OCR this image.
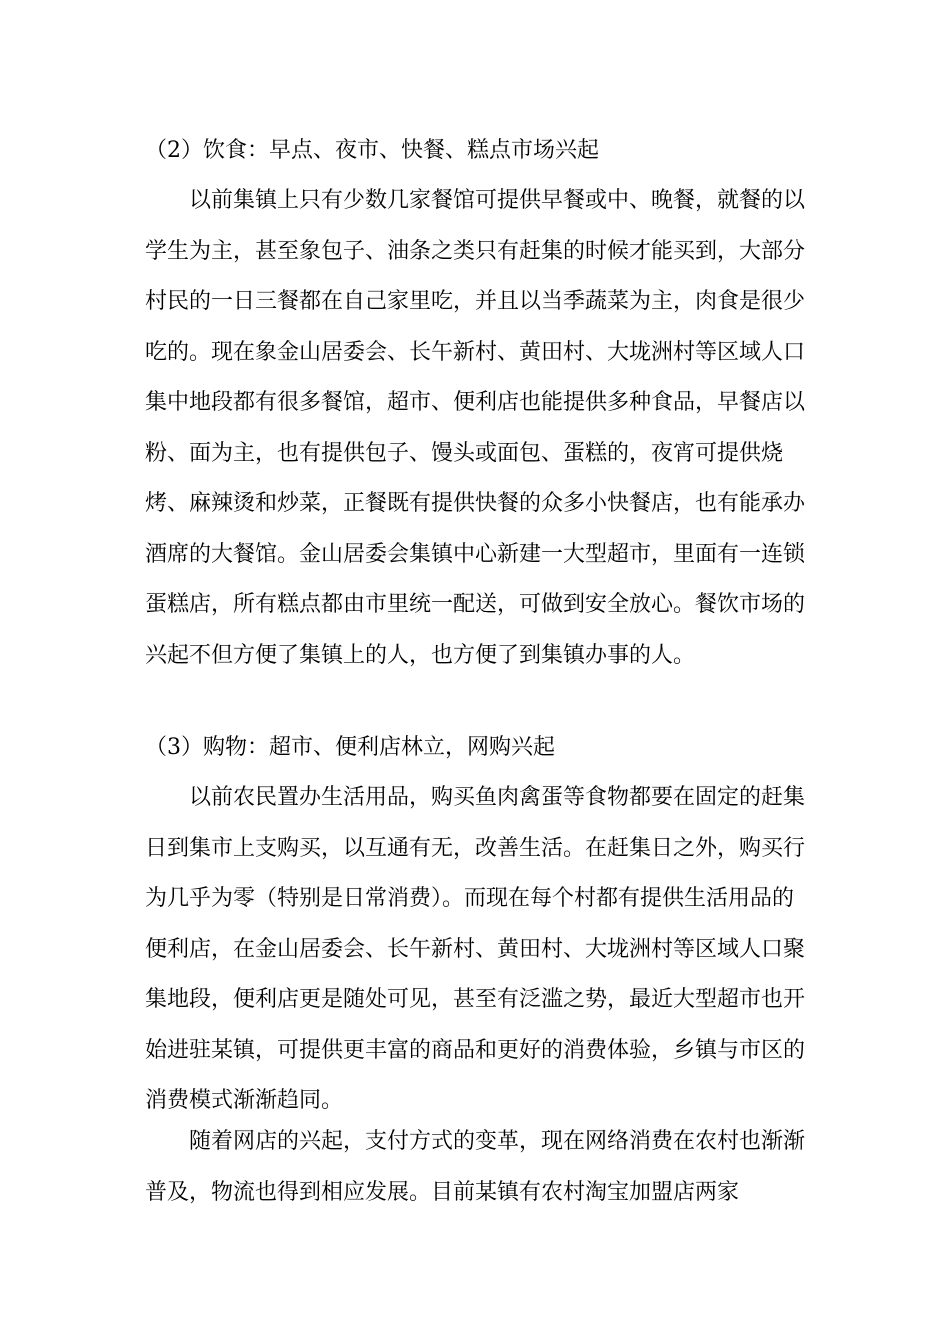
（2）饮食：早点、夜市、快餐、糕点市场兴起

以前集镇上只有少数几家餐馆可提供早餐或中、晚餐，就餐的以学生为主，甚至象包子、油条之类只有赶集的时候才能买到，大部分村民的一日三餐都在自己家里吃，并且以当季蔬菜为主，肉食是很少吃的。现在象金山居委会、长午新村、黄田村、大垅洲村等区域人口集中地段都有很多餐馆，超市、便利店也能提供多种食品，早餐店以粉、面为主，也有提供包子、馒头或面包、蛋糕的，夜宵可提供烧烤、麻辣烫和炒菜，正餐既有提供快餐的众多小快餐店，也有能承办酒席的大餐馆。金山居委会集镇中心新建一大型超市，里面有一连锁蛋糕店，所有糕点都由市里统一配送，可做到安全放心。餐饮市场的兴起不但方便了集镇上的人，也方便了到集镇办事的人。

（3）购物：超市、便利店林立，网购兴起

以前农民置办生活用品，购买鱼肉禽蛋等食物都要在固定的赶集日到集市上支购买，以互通有无，改善生活。在赶集日之外，购买行为几乎为零（特别是日常消费）。而现在每个村都有提供生活用品的便利店，在金山居委会、长午新村、黄田村、大垅洲村等区域人口聚集地段，便利店更是随处可见，甚至有泛滥之势，最近大型超市也开始进驻某镇，可提供更丰富的商品和更好的消费体验，乡镇与市区的消费模式渐渐趋同。

随着网店的兴起，支付方式的变革，现在网络消费在农村也渐渐普及，物流也得到相应发展。目前某镇有农村淘宝加盟店两家
